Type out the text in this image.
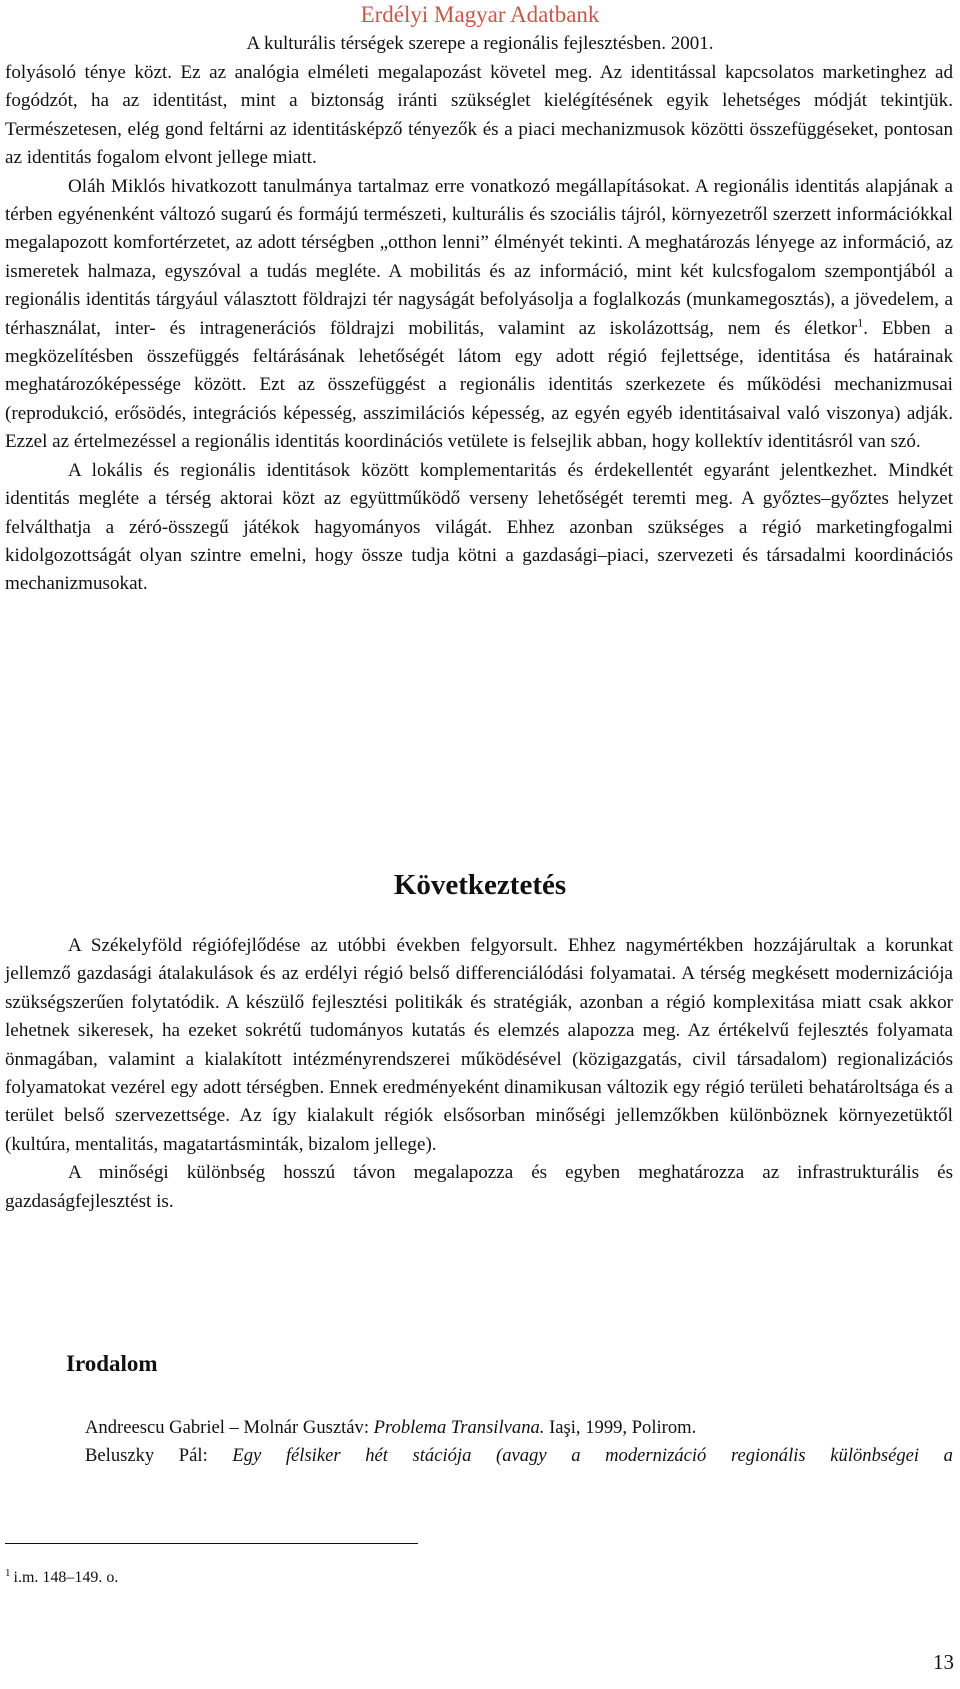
Erdélyi Magyar Adatbank
A kulturális térségek szerepe a regionális fejlesztésben. 2001.

folyásoló ténye közt. Ez az analógia elméleti megalapozást követel meg. Az identitással kapcsolatos marketinghez ad fogódzót, ha az identitást, mint a biztonság iránti szükséglet kielégítésének egyik lehetséges módját tekintjük. Természetesen, elég gond feltárni az identitásképző tényezők és a piaci mechanizmusok közötti összefüggéseket, pontosan az identitás fogalom elvont jellege miatt.

Oláh Miklós hivatkozott tanulmánya tartalmaz erre vonatkozó megállapításokat. A regionális identitás alapjának a térben egyénenként változó sugarú és formájú természeti, kulturális és szociális tájról, környezetről szerzett információkkal megalapozott komfortérzetet, az adott térségben „otthon lenni” élményét tekinti. A meghatározás lényege az információ, az ismeretek halmaza, egyszóval a tudás megléte. A mobilitás és az információ, mint két kulcsfogalom szempontjából a regionális identitás tárgyául választott földrajzi tér nagyságát befolyásolja a foglalkozás (munkamegosztás), a jövedelem, a térhasználat, inter- és intragenerációs földrajzi mobilitás, valamint az iskolázottság, nem és életkor$^1$. Ebben a megközelítésben összefüggés feltárásának lehetőségét látom egy adott régió fejlettsége, identitása és határainak meghatározóképessége között. Ezt az összefüggést a regionális identitás szerkezete és működési mechanizmusai (reprodukció, erősödés, integrációs képesség, asszimilációs képesség, az egyén egyéb identitásaival való viszonya) adják. Ezzel az értelmezéssel a regionális identitás koordinációs vetülete is felsejlik abban, hogy kollektív identitásról van szó.

A lokális és regionális identitások között komplementaritás és érdekellentét egyaránt jelentkezhet. Mindkét identitás megléte a térség aktorai közt az együttműködő verseny lehetőségét teremti meg. A győztes–győztes helyzet felválthatja a zéró-összegű játékok hagyományos világát. Ehhez azonban szükséges a régió marketingfogalmi kidolgozottságát olyan szintre emelni, hogy össze tudja kötni a gazdasági–piaci, szervezeti és társadalmi koordinációs mechanizmusokat.

Következtetés

A Székelyföld régiófejlődése az utóbbi években felgyorsult. Ehhez nagymértékben hozzájárultak a korunkat jellemző gazdasági átalakulások és az erdélyi régió belső differenciálódási folyamatai. A térség megkésett modernizációja szükségszerűen folytatódik. A készülő fejlesztési politikák és stratégiák, azonban a régió komplexitása miatt csak akkor lehetnek sikeresek, ha ezeket sokrétű tudományos kutatás és elemzés alapozza meg. Az értékelvű fejlesztés folyamata önmagában, valamint a kialakított intézményrendszerei működésével (közigazgatás, civil társadalom) regionalizációs folyamatokat vezérel egy adott térségben. Ennek eredményeként dinamikusan változik egy régió területi behatároltsága és a terület belső szervezettsége. Az így kialakult régiók elsősorban minőségi jellemzőkben különböznek környezetüktől (kultúra, mentalitás, magatartásminták, bizalom jellege).

A minőségi különbség hosszú távon megalapozza és egyben meghatározza az infrastrukturális és gazdaságfejlesztést is.

Irodalom

Andreescu Gabriel – Molnár Gusztáv: Problema Transilvana. Iaşi, 1999, Polirom.

Beluszky Pál: Egy félsiker hét stációja (avagy a modernizáció regionális különbségei a

$^1$ i.m. 148–149. o.
13
